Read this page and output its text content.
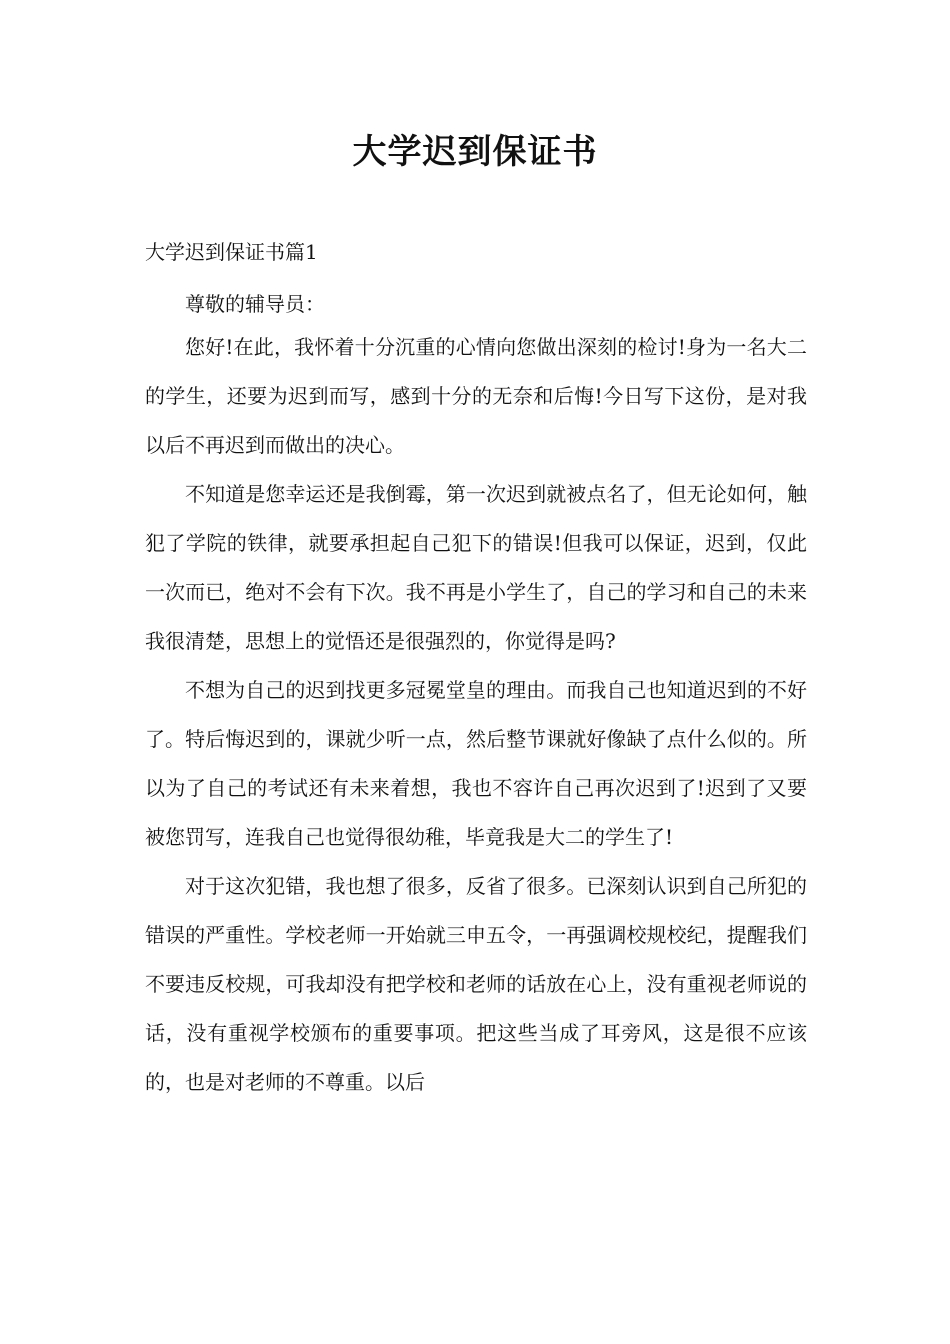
大学迟到保证书

大学迟到保证书篇1

尊敬的辅导员：

您好!在此，我怀着十分沉重的心情向您做出深刻的检讨!身为一名大二的学生，还要为迟到而写，感到十分的无奈和后悔!今日写下这份，是对我以后不再迟到而做出的决心。

不知道是您幸运还是我倒霉，第一次迟到就被点名了，但无论如何，触犯了学院的铁律，就要承担起自己犯下的错误!但我可以保证，迟到，仅此一次而已，绝对不会有下次。我不再是小学生了，自己的学习和自己的未来我很清楚，思想上的觉悟还是很强烈的，你觉得是吗?

不想为自己的迟到找更多冠冕堂皇的理由。而我自己也知道迟到的不好了。特后悔迟到的，课就少听一点，然后整节课就好像缺了点什么似的。所以为了自己的考试还有未来着想，我也不容许自己再次迟到了!迟到了又要被您罚写，连我自己也觉得很幼稚，毕竟我是大二的学生了!

对于这次犯错，我也想了很多，反省了很多。已深刻认识到自己所犯的错误的严重性。学校老师一开始就三申五令，一再强调校规校纪，提醒我们不要违反校规，可我却没有把学校和老师的话放在心上，没有重视老师说的话，没有重视学校颁布的重要事项。把这些当成了耳旁风，这是很不应该的，也是对老师的不尊重。以后
